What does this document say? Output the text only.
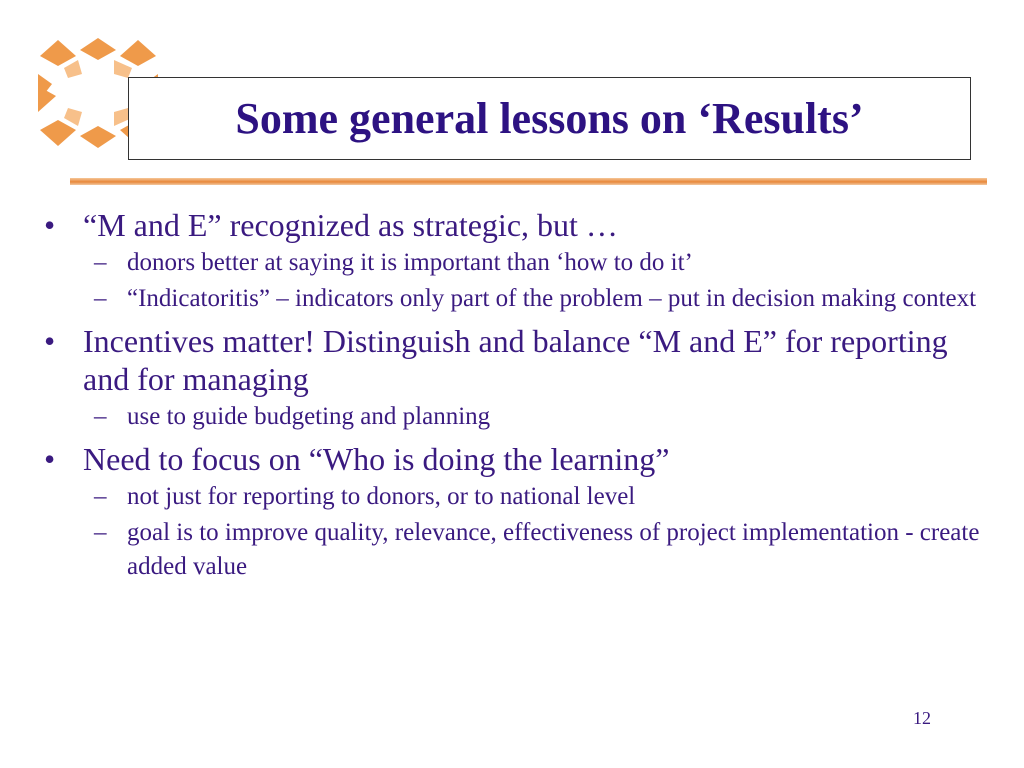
Some general lessons on ‘Results’
• “M and E” recognized as strategic, but …
– donors better at saying it is important than ‘how to do it’
– “Indicatoritis” – indicators only part of the problem – put in decision making context
• Incentives matter! Distinguish and balance “M and E” for reporting and for managing
– use to guide budgeting and planning
• Need to focus on “Who is doing the learning”
– not just for reporting to donors, or to national level
– goal is to improve quality, relevance, effectiveness of project implementation - create added value
12
